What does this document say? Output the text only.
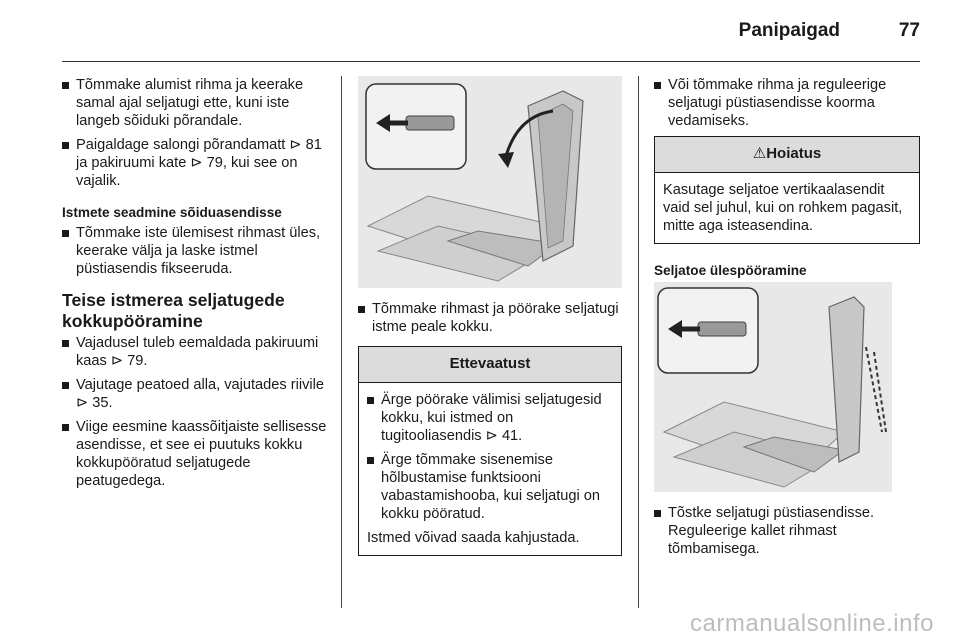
Panipaigad	77
Tõmmake alumist rihma ja keerake samal ajal seljatugi ette, kuni iste langeb sõiduki põrandale.
Paigaldage salongi põrandamatt ⊳ 81 ja pakiruumi kate ⊳ 79, kui see on vajalik.
Istmete seadmine sõiduasendisse
Tõmmake iste ülemisest rihmast üles, keerake välja ja laske istmel püstiasendis fikseeruda.
Teise istmerea seljatugede kokkupööramine
Vajadusel tuleb eemaldada pakiruumi kaas ⊳ 79.
Vajutage peatoed alla, vajutades riivile ⊳ 35.
Viige eesmine kaassõitjaiste sellisesse asendisse, et see ei puutuks kokku kokkupööratud seljatugede peatugedega.
Tõmmake rihmast ja pöörake seljatugi istme peale kokku.
Ettevaatust
Ärge pöörake välimisi seljatugesid kokku, kui istmed on tugitooliasendis ⊳ 41.
Ärge tõmmake sisenemise hõlbustamise funktsiooni vabastamishooba, kui seljatugi on kokku pööratud.
Istmed võivad saada kahjustada.
Või tõmmake rihma ja reguleerige seljatugi püstiasendisse koorma vedamiseks.
⚠Hoiatus
Kasutage seljatoe vertikaalasendit vaid sel juhul, kui on rohkem pagasit, mitte aga isteasendina.
Seljatoe ülespööramine
Tõstke seljatugi püstiasendisse. Reguleerige kallet rihmast tõmbamisega.
carmanualsonline.info
